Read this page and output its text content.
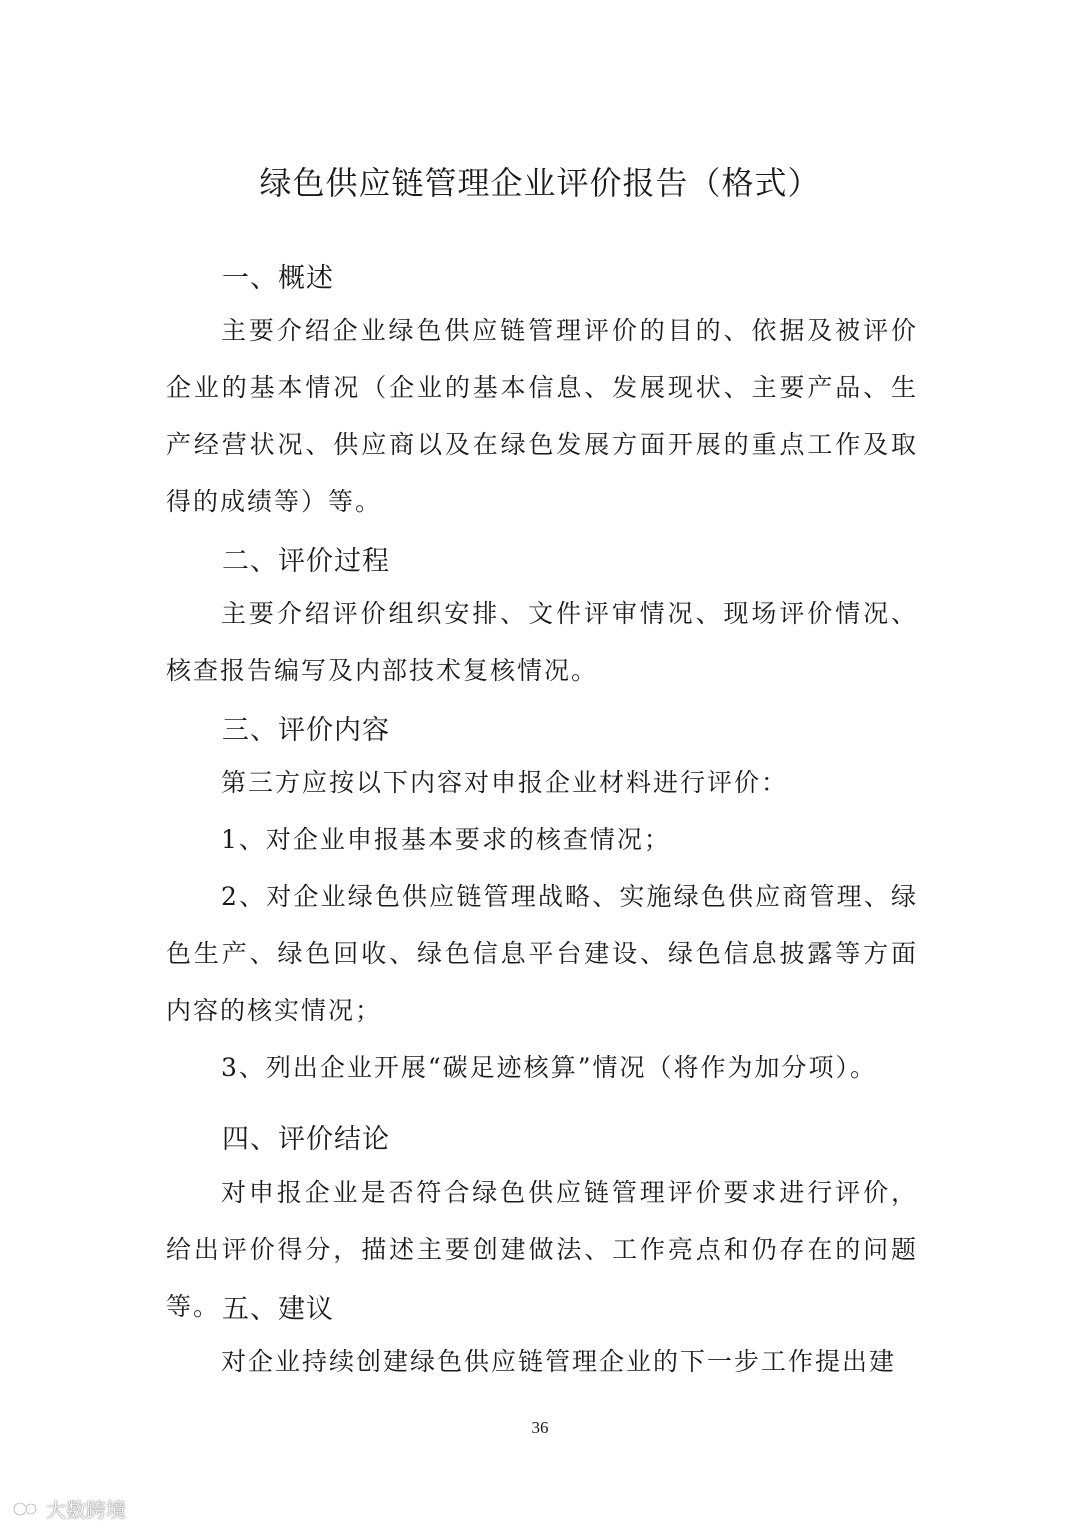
绿色供应链管理企业评价报告（格式）
一、概述

主要介绍企业绿色供应链管理评价的目的、依据及被评价企业的基本情况（企业的基本信息、发展现状、主要产品、生产经营状况、供应商以及在绿色发展方面开展的重点工作及取得的成绩等）等。

二、评价过程

主要介绍评价组织安排、文件评审情况、现场评价情况、核查报告编写及内部技术复核情况。

三、评价内容

第三方应按以下内容对申报企业材料进行评价：

1、对企业申报基本要求的核查情况；

2、对企业绿色供应链管理战略、实施绿色供应商管理、绿色生产、绿色回收、绿色信息平台建设、绿色信息披露等方面内容的核实情况；

3、列出企业开展“碳足迹核算”情况（将作为加分项）。

四、评价结论

对申报企业是否符合绿色供应链管理评价要求进行评价，给出评价得分，描述主要创建做法、工作亮点和仍存在的问题等。 五、建议

对企业持续创建绿色供应链管理企业的下一步工作提出建

36
大数跨境
